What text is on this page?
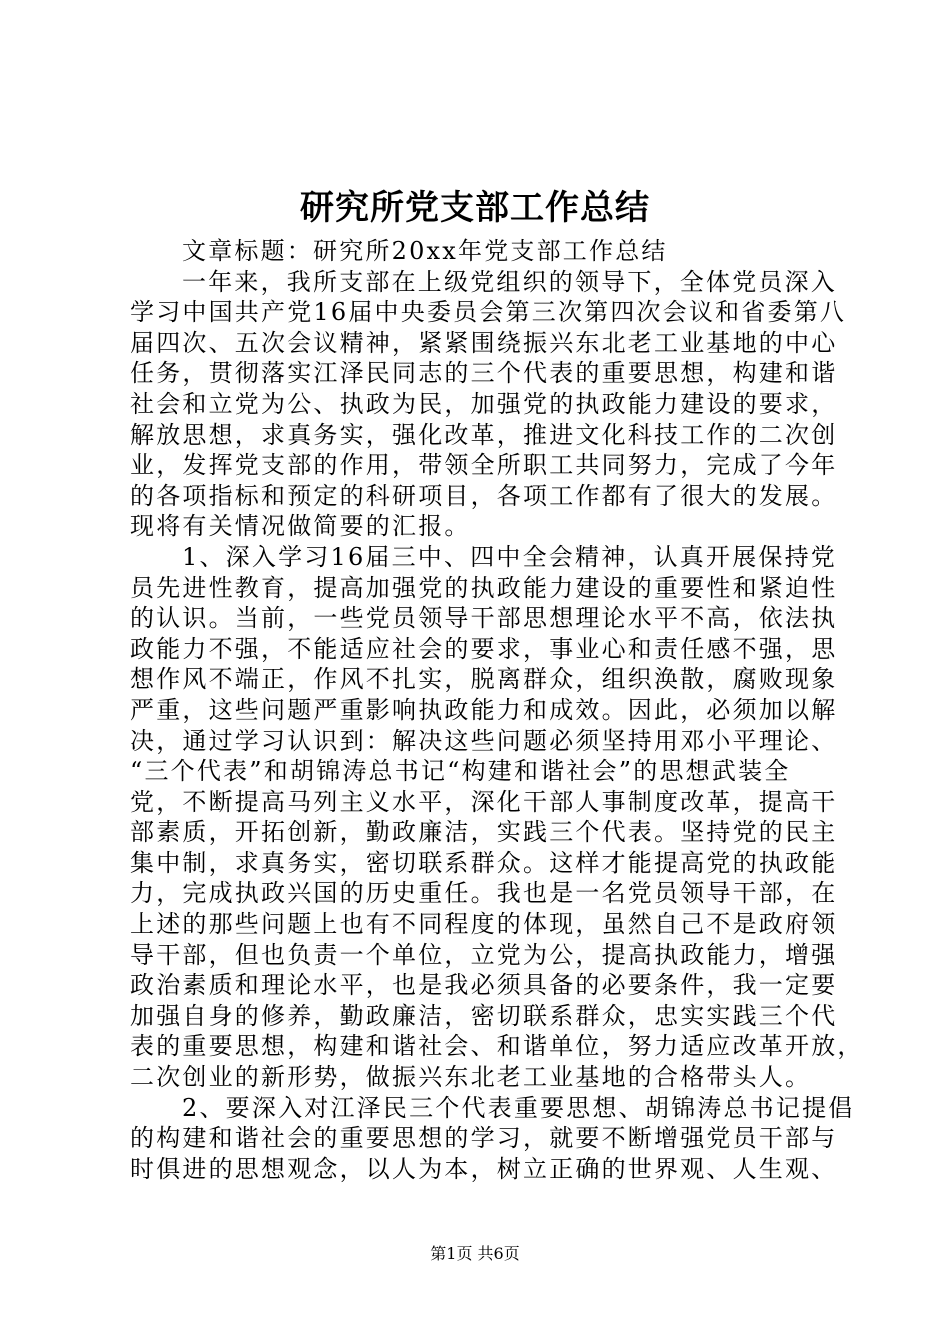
研究所党支部工作总结
文章标题：研究所20xx年党支部工作总结
一年来，我所支部在上级党组织的领导下，全体党员深入
学习中国共产党16届中央委员会第三次第四次会议和省委第八
届四次、五次会议精神，紧紧围绕振兴东北老工业基地的中心
任务，贯彻落实江泽民同志的三个代表的重要思想，构建和谐
社会和立党为公、执政为民，加强党的执政能力建设的要求，
解放思想，求真务实，强化改革，推进文化科技工作的二次创
业，发挥党支部的作用，带领全所职工共同努力，完成了今年
的各项指标和预定的科研项目，各项工作都有了很大的发展。
现将有关情况做简要的汇报。
1、深入学习16届三中、四中全会精神，认真开展保持党
员先进性教育，提高加强党的执政能力建设的重要性和紧迫性
的认识。当前，一些党员领导干部思想理论水平不高，依法执
政能力不强，不能适应社会的要求，事业心和责任感不强，思
想作风不端正，作风不扎实，脱离群众，组织涣散，腐败现象
严重，这些问题严重影响执政能力和成效。因此，必须加以解
决，通过学习认识到：解决这些问题必须坚持用邓小平理论、
“三个代表”和胡锦涛总书记“构建和谐社会”的思想武装全
党，不断提高马列主义水平，深化干部人事制度改革，提高干
部素质，开拓创新，勤政廉洁，实践三个代表。坚持党的民主
集中制，求真务实，密切联系群众。这样才能提高党的执政能
力，完成执政兴国的历史重任。我也是一名党员领导干部，在
上述的那些问题上也有不同程度的体现，虽然自己不是政府领
导干部，但也负责一个单位，立党为公，提高执政能力，增强
政治素质和理论水平，也是我必须具备的必要条件，我一定要
加强自身的修养，勤政廉洁，密切联系群众，忠实实践三个代
表的重要思想，构建和谐社会、和谐单位，努力适应改革开放，
二次创业的新形势，做振兴东北老工业基地的合格带头人。
2、要深入对江泽民三个代表重要思想、胡锦涛总书记提倡
的构建和谐社会的重要思想的学习，就要不断增强党员干部与
时俱进的思想观念，以人为本，树立正确的世界观、人生观、
第1页 共6页
